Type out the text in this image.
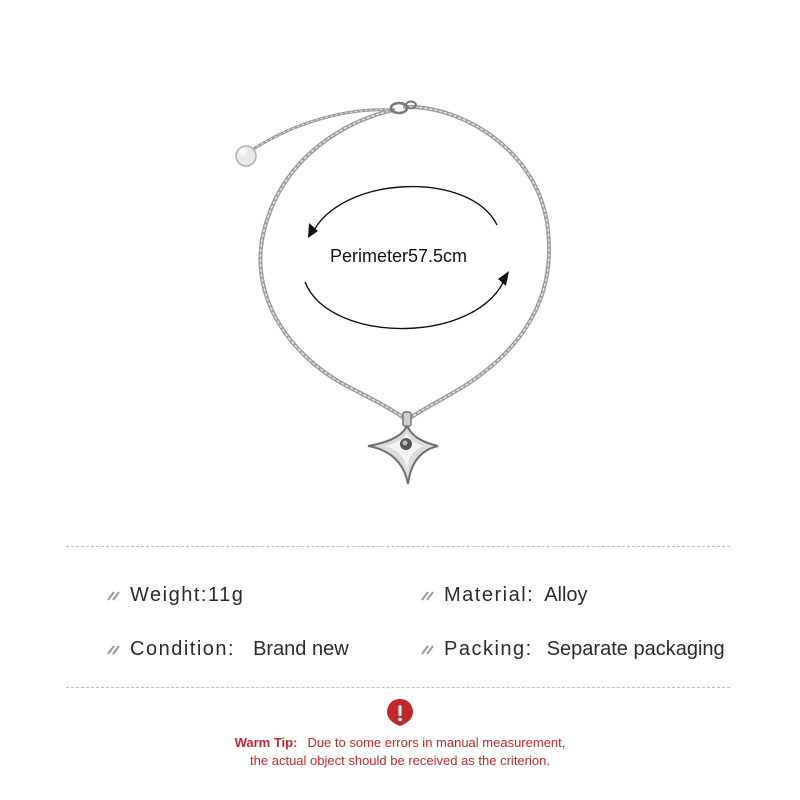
Perimeter57.5cm
Weight: 11g	Material: Alloy
Condition: Brand new	Packing: Separate packaging
Warm Tip: Due to some errors in manual measurement,
the actual object should be received as the criterion.
